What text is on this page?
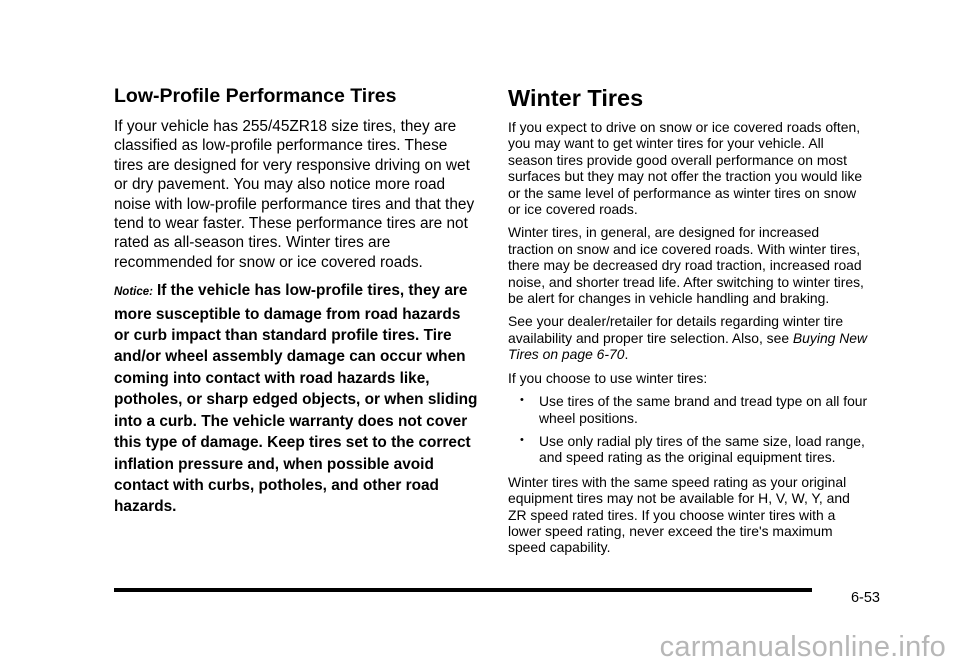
Low-Profile Performance Tires

If your vehicle has 255/45ZR18 size tires, they are classified as low-profile performance tires. These tires are designed for very responsive driving on wet or dry pavement. You may also notice more road noise with low-profile performance tires and that they tend to wear faster. These performance tires are not rated as all-season tires. Winter tires are recommended for snow or ice covered roads.

Notice: If the vehicle has low-profile tires, they are more susceptible to damage from road hazards or curb impact than standard profile tires. Tire and/or wheel assembly damage can occur when coming into contact with road hazards like, potholes, or sharp edged objects, or when sliding into a curb. The vehicle warranty does not cover this type of damage. Keep tires set to the correct inflation pressure and, when possible avoid contact with curbs, potholes, and other road hazards.

Winter Tires

If you expect to drive on snow or ice covered roads often, you may want to get winter tires for your vehicle. All season tires provide good overall performance on most surfaces but they may not offer the traction you would like or the same level of performance as winter tires on snow or ice covered roads.

Winter tires, in general, are designed for increased traction on snow and ice covered roads. With winter tires, there may be decreased dry road traction, increased road noise, and shorter tread life. After switching to winter tires, be alert for changes in vehicle handling and braking.

See your dealer/retailer for details regarding winter tire availability and proper tire selection. Also, see Buying New Tires on page 6-70.

If you choose to use winter tires:

• Use tires of the same brand and tread type on all four wheel positions.
• Use only radial ply tires of the same size, load range, and speed rating as the original equipment tires.

Winter tires with the same speed rating as your original equipment tires may not be available for H, V, W, Y, and ZR speed rated tires. If you choose winter tires with a lower speed rating, never exceed the tire's maximum speed capability.

6-53
carmanualsonline.info
